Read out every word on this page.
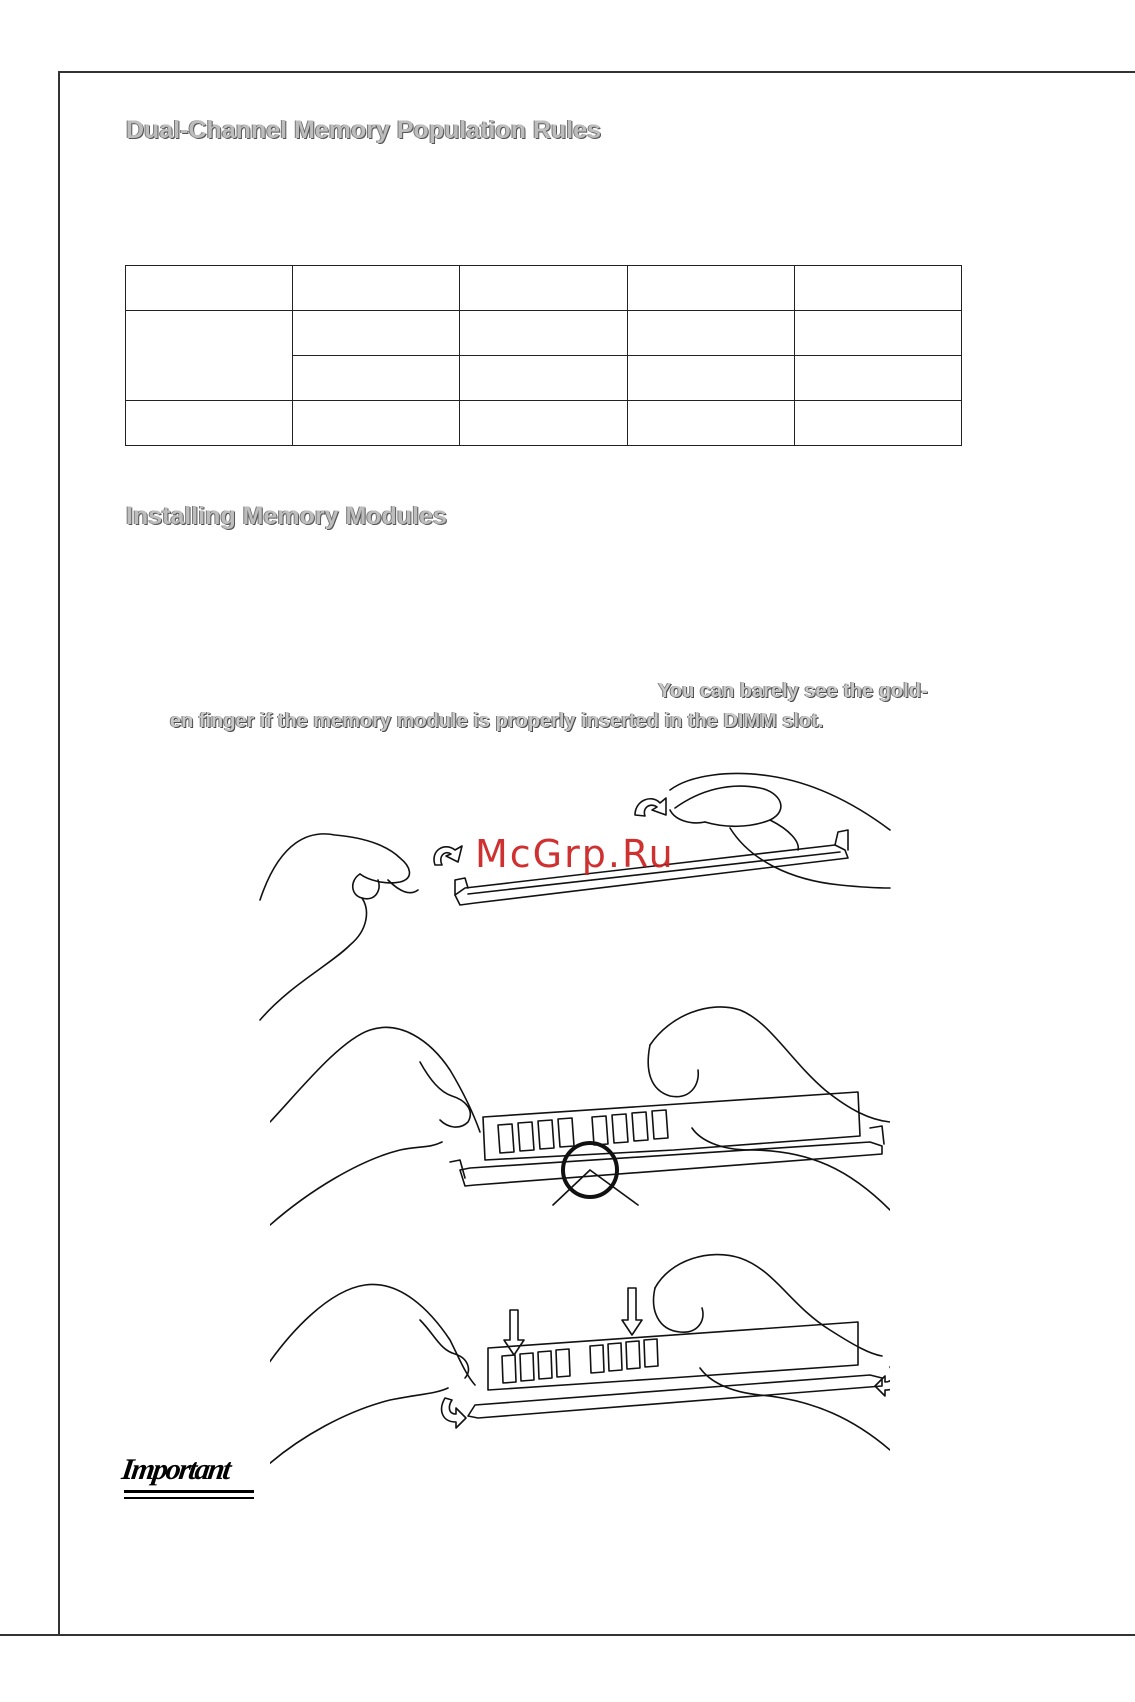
Dual-Channel Memory Population Rules

Installing Memory Modules
You can barely see the gold-
en finger if the memory module is properly inserted in the DIMM slot.
McGrp.Ru
Important
